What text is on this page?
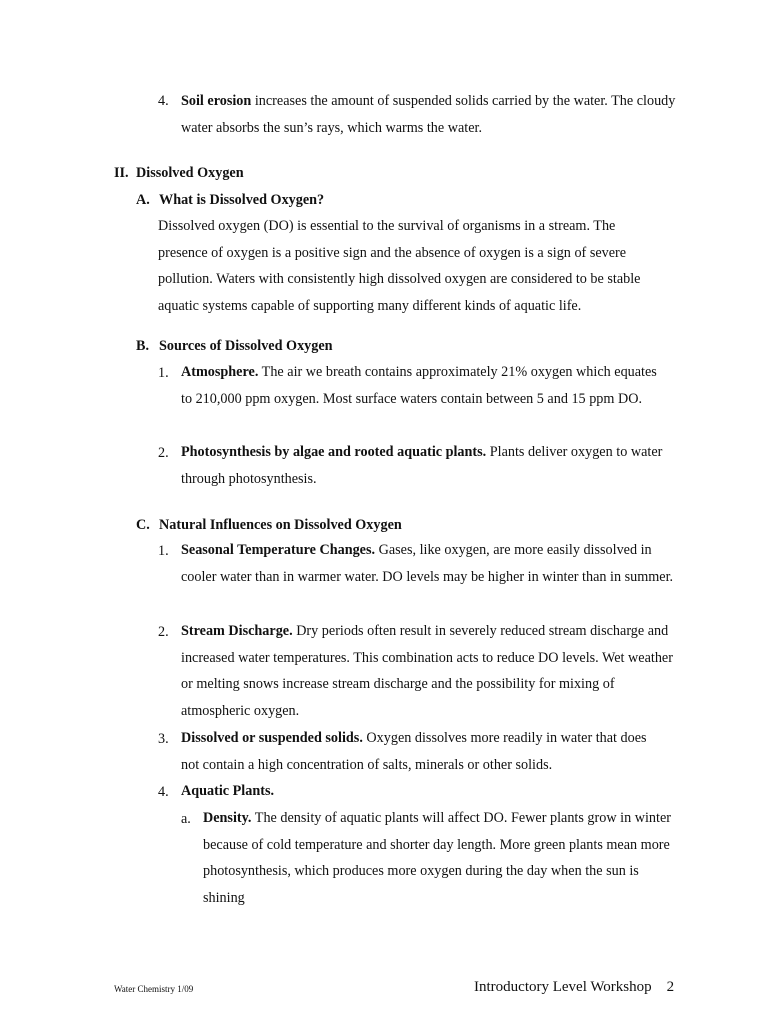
4. Soil erosion increases the amount of suspended solids carried by the water. The cloudy water absorbs the sun’s rays, which warms the water.
II. Dissolved Oxygen
A. What is Dissolved Oxygen?
Dissolved oxygen (DO) is essential to the survival of organisms in a stream. The presence of oxygen is a positive sign and the absence of oxygen is a sign of severe pollution. Waters with consistently high dissolved oxygen are considered to be stable aquatic systems capable of supporting many different kinds of aquatic life.
B. Sources of Dissolved Oxygen
1. Atmosphere. The air we breath contains approximately 21% oxygen which equates to 210,000 ppm oxygen. Most surface waters contain between 5 and 15 ppm DO.
2. Photosynthesis by algae and rooted aquatic plants. Plants deliver oxygen to water through photosynthesis.
C. Natural Influences on Dissolved Oxygen
1. Seasonal Temperature Changes. Gases, like oxygen, are more easily dissolved in cooler water than in warmer water. DO levels may be higher in winter than in summer.
2. Stream Discharge. Dry periods often result in severely reduced stream discharge and increased water temperatures. This combination acts to reduce DO levels. Wet weather or melting snows increase stream discharge and the possibility for mixing of atmospheric oxygen.
3. Dissolved or suspended solids. Oxygen dissolves more readily in water that does not contain a high concentration of salts, minerals or other solids.
4. Aquatic Plants.
a. Density. The density of aquatic plants will affect DO. Fewer plants grow in winter because of cold temperature and shorter day length. More green plants mean more photosynthesis, which produces more oxygen during the day when the sun is shining
Water Chemistry 1/09	Introductory Level Workshop    2
